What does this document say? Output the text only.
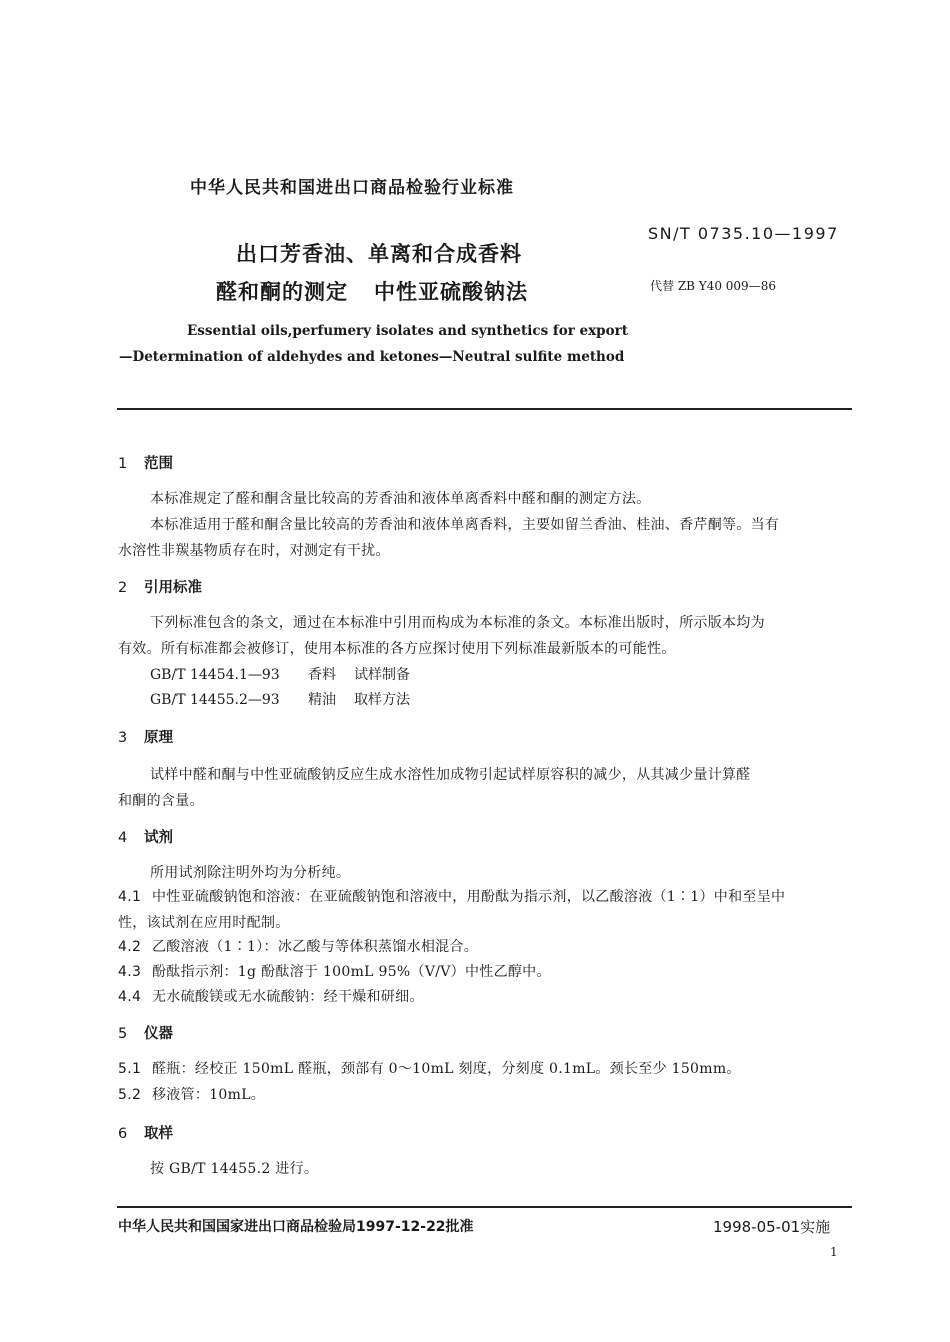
中华人民共和国进出口商品检验行业标准
SN/T 0735.10—1997
出口芳香油、单离和合成香料
醛和酮的测定 中性亚硫酸钠法	代替 ZB Y40 009—86
Essential oils,perfumery isolates and synthetics for export
—Determination of aldehydes and ketones—Neutral sulfite method
1 范围
本标准规定了醛和酮含量比较高的芳香油和液体单离香料中醛和酮的测定方法。
本标准适用于醛和酮含量比较高的芳香油和液体单离香料，主要如留兰香油、桂油、香芹酮等。当有
水溶性非羰基物质存在时，对测定有干扰。
2 引用标准
下列标准包含的条文，通过在本标准中引用而构成为本标准的条文。本标准出版时，所示版本均为
有效。所有标准都会被修订，使用本标准的各方应探讨使用下列标准最新版本的可能性。
GB/T 14454.1—93 香料 试样制备
GB/T 14455.2—93 精油 取样方法
3 原理
试样中醛和酮与中性亚硫酸钠反应生成水溶性加成物引起试样原容积的减少，从其减少量计算醛
和酮的含量。
4 试剂
所用试剂除注明外均为分析纯。
4.1 中性亚硫酸钠饱和溶液：在亚硫酸钠饱和溶液中，用酚酞为指示剂，以乙酸溶液（1∶1）中和至呈中
性，该试剂在应用时配制。
4.2 乙酸溶液（1∶1）：冰乙酸与等体积蒸馏水相混合。
4.3 酚酞指示剂：1g 酚酞溶于 100mL 95%（V/V）中性乙醇中。
4.4 无水硫酸镁或无水硫酸钠：经干燥和研细。
5 仪器
5.1 醛瓶：经校正 150mL 醛瓶，颈部有 0～10mL 刻度，分刻度 0.1mL。颈长至少 150mm。
5.2 移液管：10mL。
6 取样
按 GB/T 14455.2 进行。
中华人民共和国国家进出口商品检验局1997-12-22批准	1998-05-01实施
1
